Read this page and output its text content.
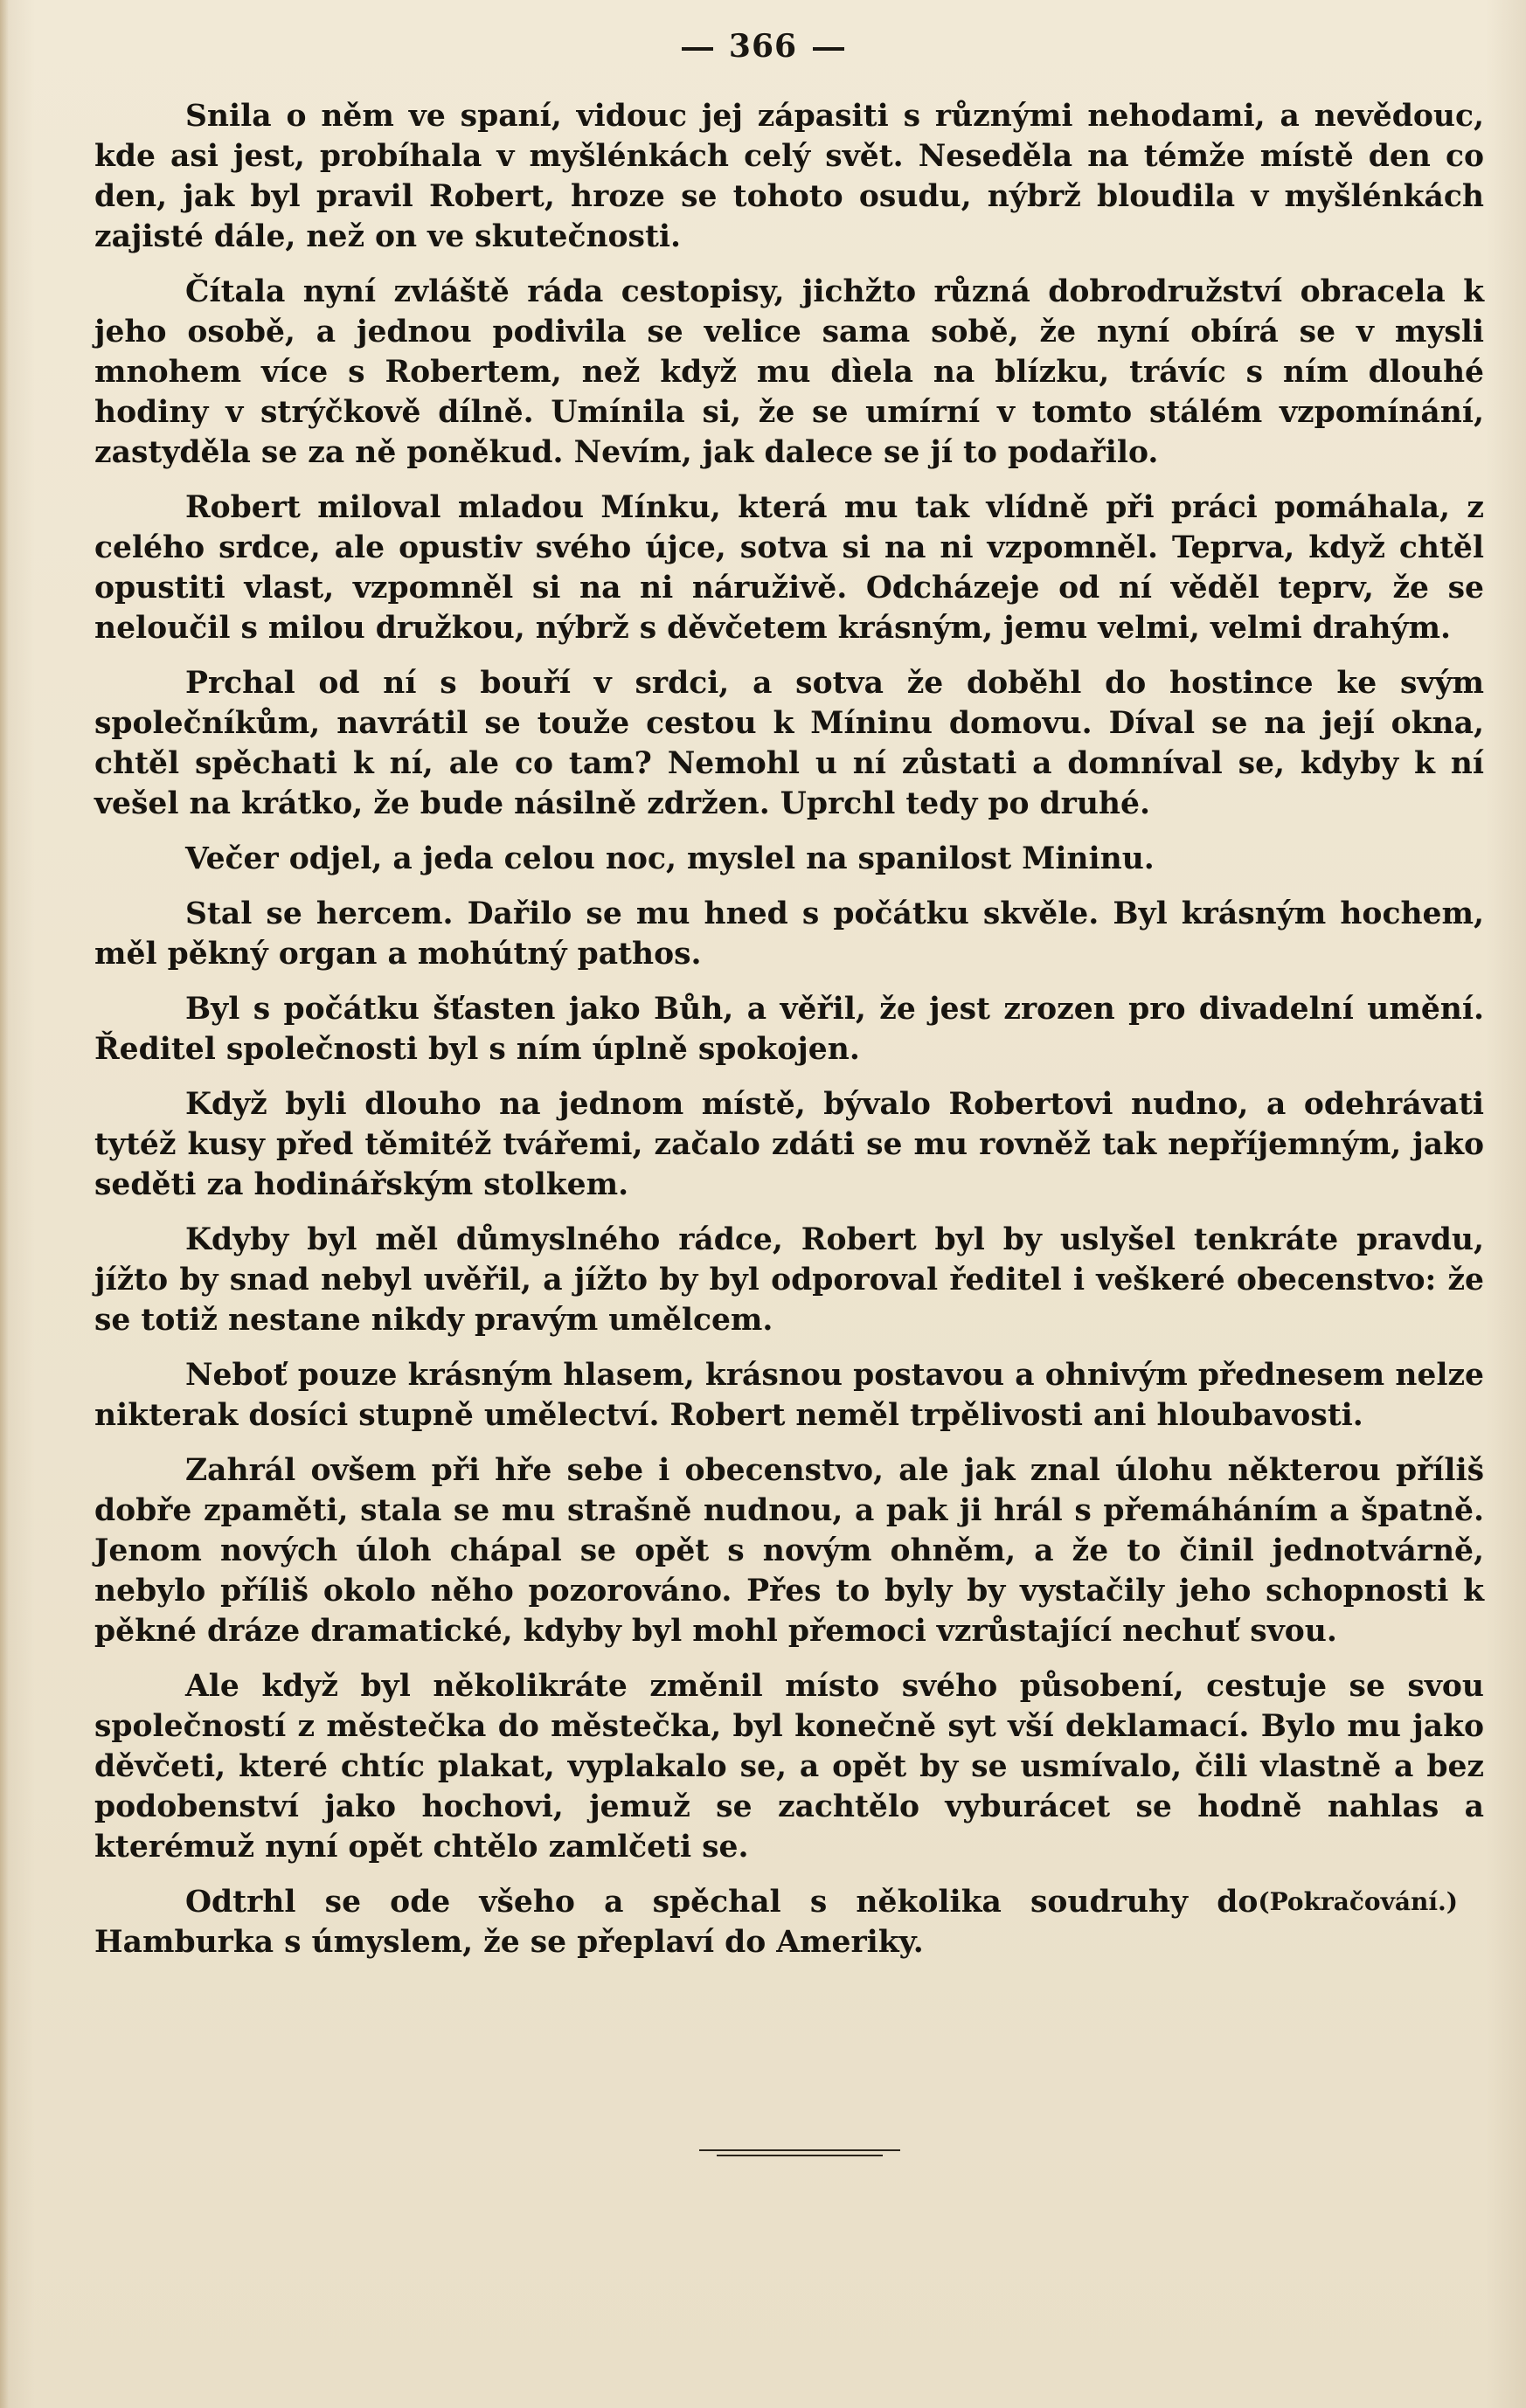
366

Snila o něm ve spaní, vidouc jej zápasiti s různými nehodami, a nevědouc, kde asi jest, probíhala v myšlénkách celý svět. Neseděla na témže místě den co den, jak byl pravil Robert, hroze se tohoto osudu, nýbrž bloudila v myšlénkách zajisté dále, než on ve skutečnosti.

Čítala nyní zvláště ráda cestopisy, jichžto různá dobrodružství obracela k jeho osobě, a jednou podivila se velice sama sobě, že nyní obírá se v mysli mnohem více s Robertem, než když mu dìela na blízku, trávíc s ním dlouhé hodiny v strýčkově dílně. Umínila si, že se umírní v tomto stálém vzpomínání, zastyděla se za ně poněkud. Nevím, jak dalece se jí to podařilo.

Robert miloval mladou Mínku, která mu tak vlídně při práci pomáhala, z celého srdce, ale opustiv svého újce, sotva si na ni vzpomněl. Teprva, když chtěl opustiti vlast, vzpomněl si na ni náruživě. Odcházeje od ní věděl teprv, že se neloučil s milou družkou, nýbrž s děvčetem krásným, jemu velmi, velmi drahým.

Prchal od ní s bouří v srdci, a sotva že doběhl do hostince ke svým společníkům, navrátil se touže cestou k Míninu domovu. Díval se na její okna, chtěl spěchati k ní, ale co tam? Nemohl u ní zůstati a domníval se, kdyby k ní vešel na krátko, že bude násilně zdržen. Uprchl tedy po druhé.

Večer odjel, a jeda celou noc, myslel na spanilost Mininu.

Stal se hercem. Dařilo se mu hned s počátku skvěle. Byl krásným hochem, měl pěkný organ a mohútný pathos.

Byl s počátku šťasten jako Bůh, a věřil, že jest zrozen pro divadelní umění. Ředitel společnosti byl s ním úplně spokojen.

Když byli dlouho na jednom místě, bývalo Robertovi nudno, a odehrávati tytéž kusy před těmitéž tvářemi, začalo zdáti se mu rovněž tak nepříjemným, jako seděti za hodinářským stolkem.

Kdyby byl měl důmyslného rádce, Robert byl by uslyšel tenkráte pravdu, jížto by snad nebyl uvěřil, a jížto by byl odporoval ředitel i veškeré obecenstvo: že se totiž nestane nikdy pravým umělcem.

Neboť pouze krásným hlasem, krásnou postavou a ohnivým přednesem nelze nikterak dosíci stupně umělectví. Robert neměl trpělivosti ani hloubavosti.

Zahrál ovšem při hře sebe i obecenstvo, ale jak znal úlohu některou příliš dobře zpaměti, stala se mu strašně nudnou, a pak ji hrál s přemáháním a špatně. Jenom nových úloh chápal se opět s novým ohněm, a že to činil jednotvárně, nebylo příliš okolo něho pozorováno. Přes to byly by vystačily jeho schopnosti k pěkné dráze dramatické, kdyby byl mohl přemoci vzrůstající nechuť svou.

Ale když byl několikráte změnil místo svého působení, cestuje se svou společností z městečka do městečka, byl konečně syt vší deklamací. Bylo mu jako děvčeti, které chtíc plakat, vyplakalo se, a opět by se usmívalo, čili vlastně a bez podobenství jako hochovi, jemuž se zachtělo vyburácet se hodně nahlas a kterémuž nyní opět chtělo zamlčeti se.

(Pokračování.)
Odtrhl se ode všeho a spěchal s několika soudruhy do Hamburka s úmyslem, že se přeplaví do Ameriky.
